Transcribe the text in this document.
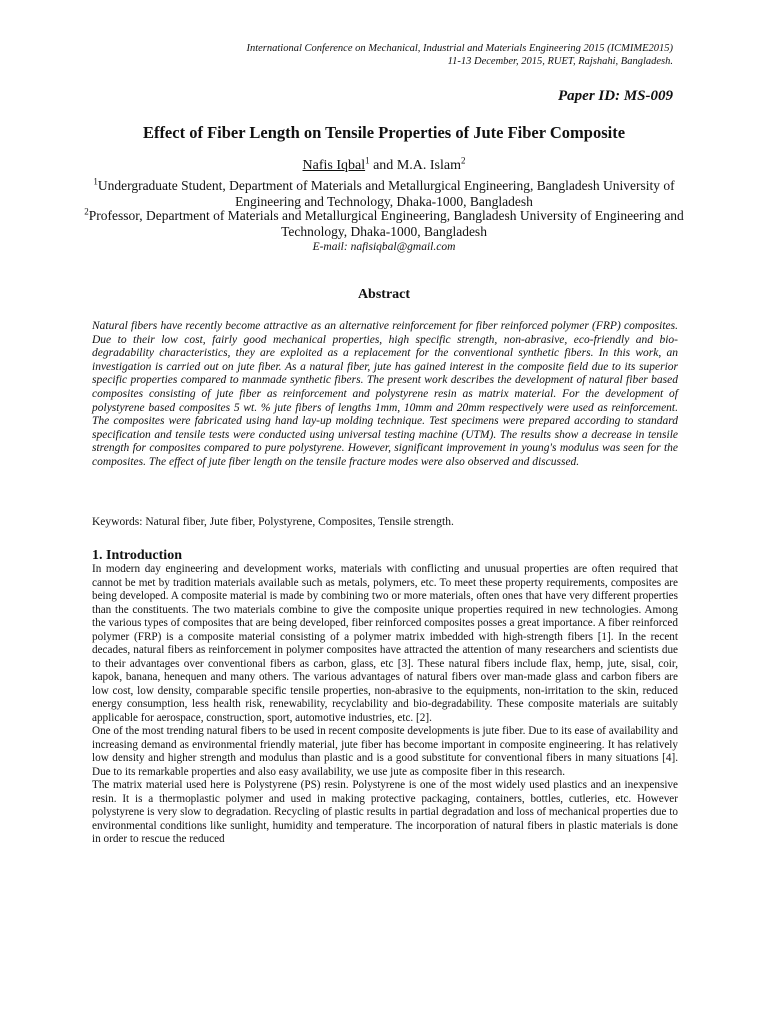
International Conference on Mechanical, Industrial and Materials Engineering 2015 (ICMIME2015)
11-13 December, 2015, RUET, Rajshahi, Bangladesh.
Paper ID: MS-009
Effect of Fiber Length on Tensile Properties of Jute Fiber Composite
Nafis Iqbal$^1$ and M.A. Islam$^2$
$^1$Undergraduate Student, Department of Materials and Metallurgical Engineering, Bangladesh University of Engineering and Technology, Dhaka-1000, Bangladesh
$^2$Professor, Department of Materials and Metallurgical Engineering, Bangladesh University of Engineering and Technology, Dhaka-1000, Bangladesh
E-mail: nafisiqbal@gmail.com
Abstract
Natural fibers have recently become attractive as an alternative reinforcement for fiber reinforced polymer (FRP) composites. Due to their low cost, fairly good mechanical properties, high specific strength, non-abrasive, eco-friendly and bio-degradability characteristics, they are exploited as a replacement for the conventional synthetic fibers. In this work, an investigation is carried out on jute fiber. As a natural fiber, jute has gained interest in the composite field due to its superior specific properties compared to manmade synthetic fibers. The present work describes the development of natural fiber based composites consisting of jute fiber as reinforcement and polystyrene resin as matrix material. For the development of polystyrene based composites 5 wt. % jute fibers of lengths 1mm, 10mm and 20mm respectively were used as reinforcement. The composites were fabricated using hand lay-up molding technique. Test specimens were prepared according to standard specification and tensile tests were conducted using universal testing machine (UTM). The results show a decrease in tensile strength for composites compared to pure polystyrene. However, significant improvement in young's modulus was seen for the composites. The effect of jute fiber length on the tensile fracture modes were also observed and discussed.
Keywords: Natural fiber, Jute fiber, Polystyrene, Composites, Tensile strength.
1. Introduction

In modern day engineering and development works, materials with conflicting and unusual properties are often required that cannot be met by tradition materials available such as metals, polymers, etc. To meet these property requirements, composites are being developed. A composite material is made by combining two or more materials, often ones that have very different properties than the constituents. The two materials combine to give the composite unique properties required in new technologies. Among the various types of composites that are being developed, fiber reinforced composites posses a great importance. A fiber reinforced polymer (FRP) is a composite material consisting of a polymer matrix imbedded with high-strength fibers [1]. In the recent decades, natural fibers as reinforcement in polymer composites have attracted the attention of many researchers and scientists due to their advantages over conventional fibers as carbon, glass, etc [3]. These natural fibers include flax, hemp, jute, sisal, coir, kapok, banana, henequen and many others. The various advantages of natural fibers over man-made glass and carbon fibers are low cost, low density, comparable specific tensile properties, non-abrasive to the equipments, non-irritation to the skin, reduced energy consumption, less health risk, renewability, recyclability and bio-degradability. These composite materials are suitably applicable for aerospace, construction, sport, automotive industries, etc. [2].

One of the most trending natural fibers to be used in recent composite developments is jute fiber. Due to its ease of availability and increasing demand as environmental friendly material, jute fiber has become important in composite engineering. It has relatively low density and higher strength and modulus than plastic and is a good substitute for conventional fibers in many situations [4]. Due to its remarkable properties and also easy availability, we use jute as composite fiber in this research.

The matrix material used here is Polystyrene (PS) resin. Polystyrene is one of the most widely used plastics and an inexpensive resin. It is a thermoplastic polymer and used in making protective packaging, containers, bottles, cutleries, etc. However polystyrene is very slow to degradation. Recycling of plastic results in partial degradation and loss of mechanical properties due to environmental conditions like sunlight, humidity and temperature. The incorporation of natural fibers in plastic materials is done in order to rescue the reduced
